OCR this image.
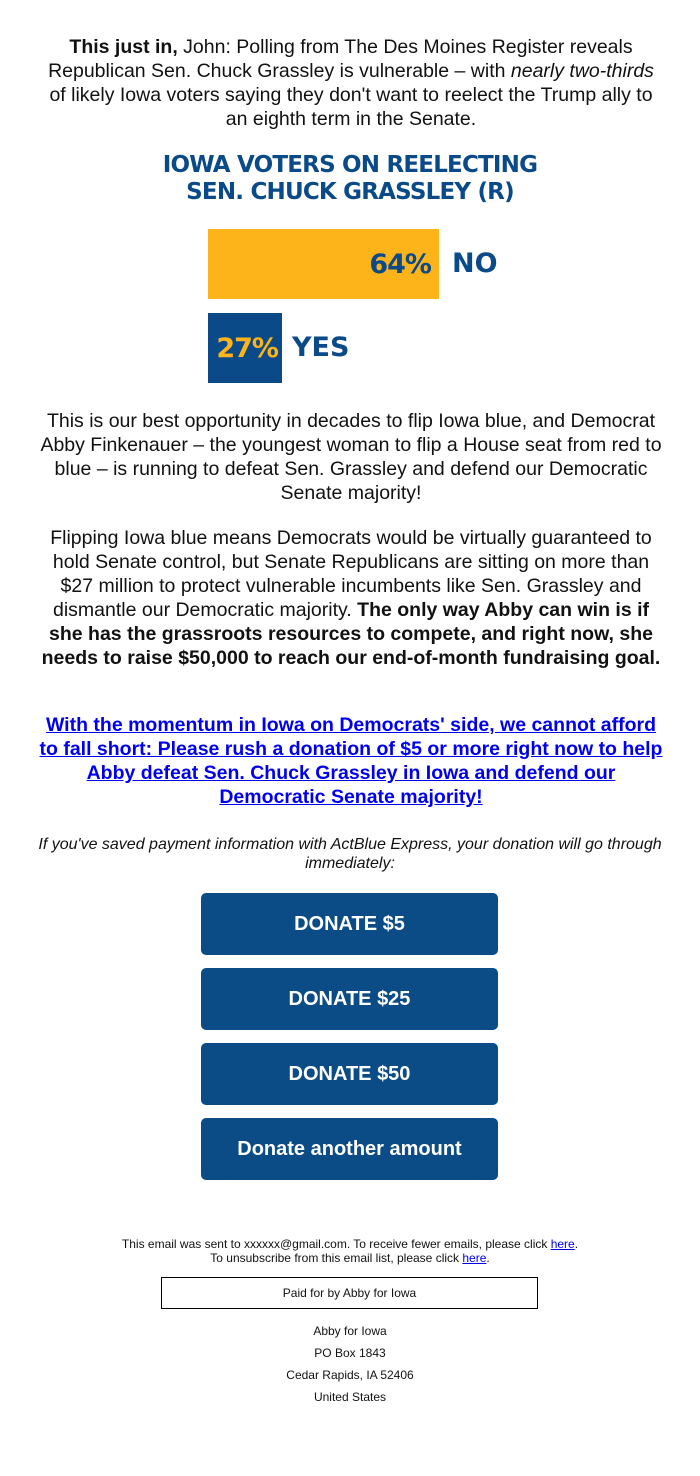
This just in, John: Polling from The Des Moines Register reveals Republican Sen. Chuck Grassley is vulnerable – with nearly two-thirds of likely Iowa voters saying they don't want to reelect the Trump ally to an eighth term in the Senate.

IOWA VOTERS ON REELECTING
SEN. CHUCK GRASSLEY (R)
64% NO
27% YES

This is our best opportunity in decades to flip Iowa blue, and Democrat Abby Finkenauer – the youngest woman to flip a House seat from red to blue – is running to defeat Sen. Grassley and defend our Democratic Senate majority!

Flipping Iowa blue means Democrats would be virtually guaranteed to hold Senate control, but Senate Republicans are sitting on more than $27 million to protect vulnerable incumbents like Sen. Grassley and dismantle our Democratic majority. The only way Abby can win is if she has the grassroots resources to compete, and right now, she needs to raise $50,000 to reach our end-of-month fundraising goal.

With the momentum in Iowa on Democrats' side, we cannot afford to fall short: Please rush a donation of $5 or more right now to help Abby defeat Sen. Chuck Grassley in Iowa and defend our Democratic Senate majority!

If you've saved payment information with ActBlue Express, your donation will go through immediately:

DONATE $5
DONATE $25
DONATE $50
Donate another amount
This email was sent to xxxxxx@gmail.com. To receive fewer emails, please click here.
To unsubscribe from this email list, please click here.
Paid for by Abby for Iowa
Abby for Iowa
PO Box 1843
Cedar Rapids, IA 52406
United States
